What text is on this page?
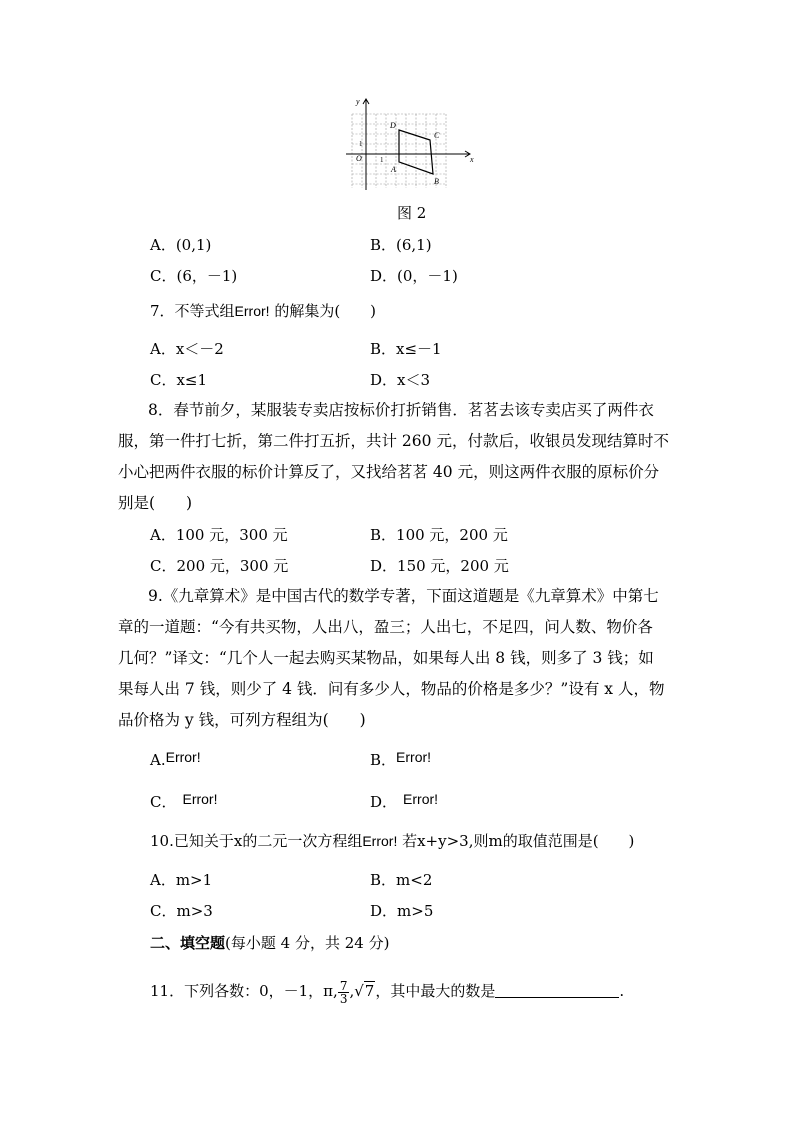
y
x
D
C
A
B
O
1
1
图 2
A．(0,1)	B．(6,1)
C．(6，－1)	D．(0，－1)
7．不等式组Error! 的解集为(　　)
A．x＜－2	B．x≤－1
C．x≤1	D．x＜3
8．春节前夕，某服装专卖店按标价打折销售．茗茗去该专卖店买了两件衣
服，第一件打七折，第二件打五折，共计 260 元，付款后，收银员发现结算时不
小心把两件衣服的标价计算反了，又找给茗茗 40 元，则这两件衣服的原标价分
别是(　　)
A．100 元，300 元	B．100 元，200 元
C．200 元，300 元	D．150 元，200 元
9.《九章算术》是中国古代的数学专著，下面这道题是《九章算术》中第七
章的一道题：“今有共买物，人出八，盈三；人出七，不足四，问人数、物价各
几何？”译文：“几个人一起去购买某物品，如果每人出 8 钱，则多了 3 钱；如
果每人出 7 钱，则少了 4 钱．问有多少人，物品的价格是多少？”设有 x 人，物
品价格为 y 钱，可列方程组为(　　)
A.Error!	B．Error!
C． Error!	D． Error!
10.已知关于x的二元一次方程组Error! 若x+y>3,则m的取值范围是(　　)
A．m>1	B．m<2
C．m>3	D．m>5
二、填空题(每小题 4 分，共 24 分)
11．下列各数：0，－1，π, $\frac{7}{3} ,√7$，其中最大的数是	.
